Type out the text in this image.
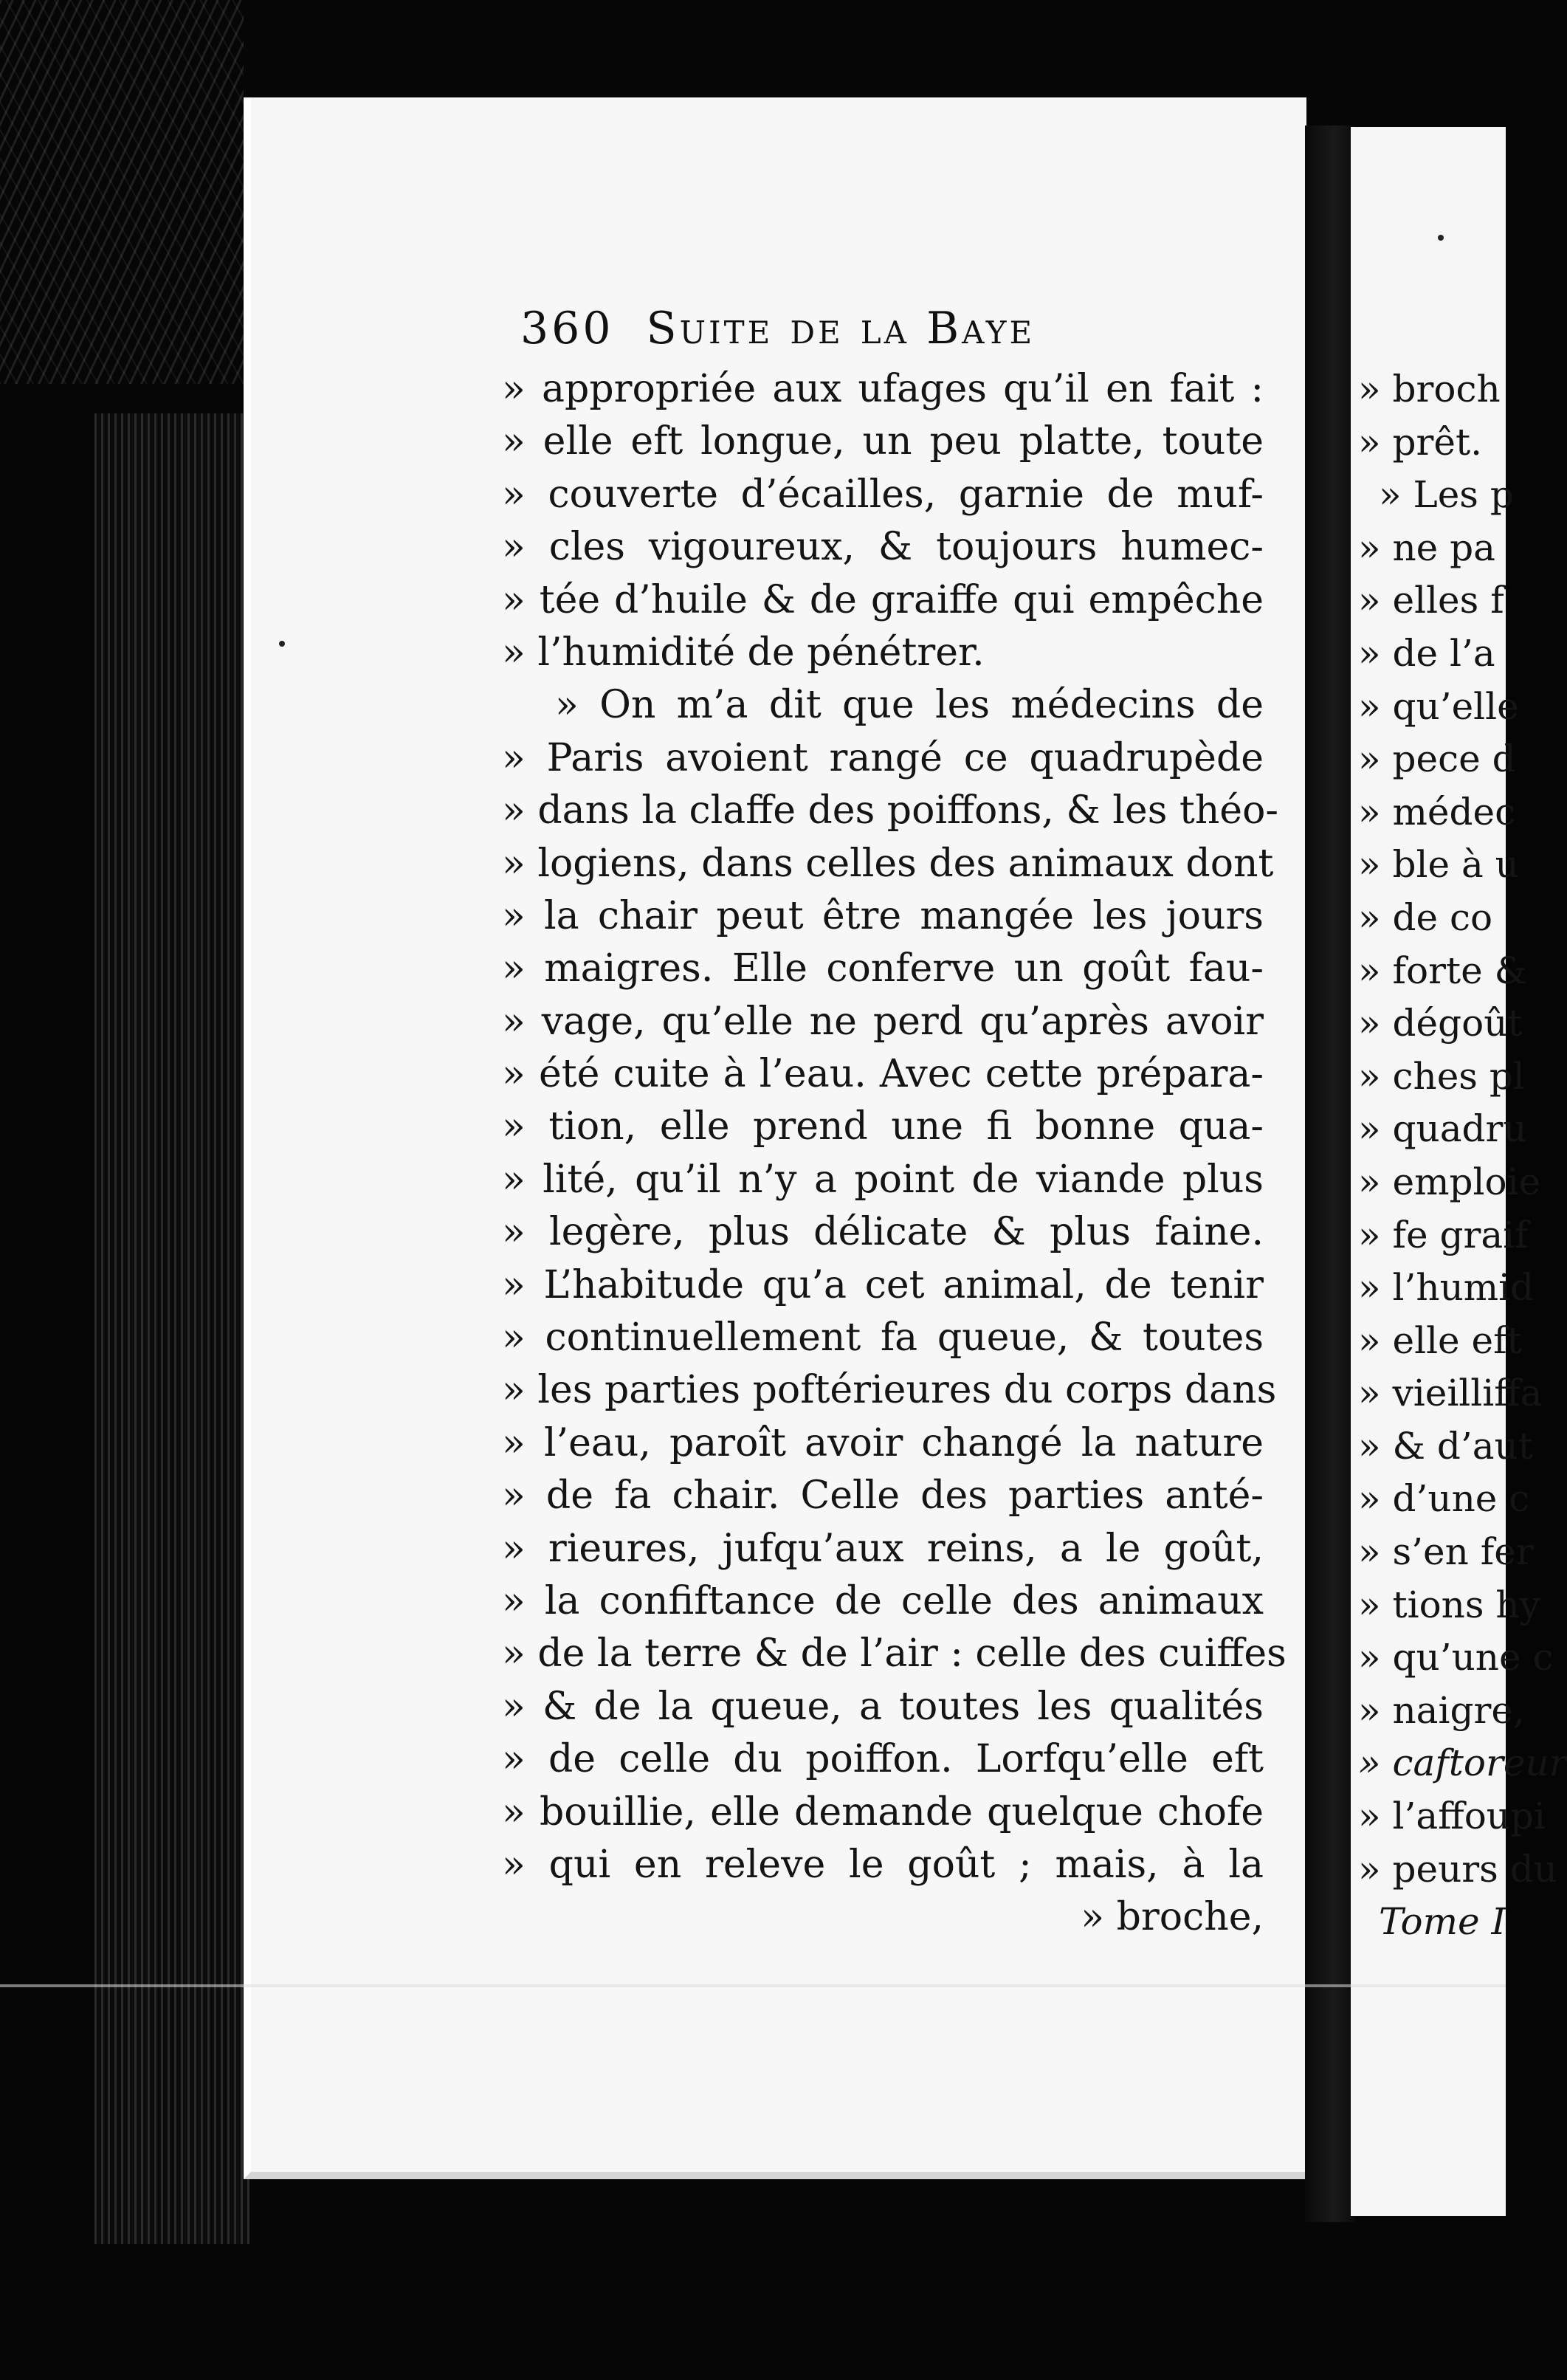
360 Suite de la Baye
» appropriée aux ufages qu’il en fait :
» elle eft longue, un peu platte, toute
» couverte d’écailles, garnie de muf-
» cles vigoureux, & toujours humec-
» tée d’huile & de graiffe qui empêche
» l’humidité de pénétrer.
» On m’a dit que les médecins de
» Paris avoient rangé ce quadrupède
» dans la claffe des poiffons, & les théo-
» logiens, dans celles des animaux dont
» la chair peut être mangée les jours
» maigres. Elle conferve un goût fau-
» vage, qu’elle ne perd qu’après avoir
» été cuite à l’eau. Avec cette prépara-
» tion, elle prend une fi bonne qua-
» lité, qu’il n’y a point de viande plus
» legère, plus délicate & plus faine.
» L’habitude qu’a cet animal, de tenir
» continuellement fa queue, & toutes
» les parties poftérieures du corps dans
» l’eau, paroît avoir changé la nature
» de fa chair. Celle des parties anté-
» rieures, jufqu’aux reins, a le goût,
» la confiftance de celle des animaux
» de la terre & de l’air : celle des cuiffes
» & de la queue, a toutes les qualités
» de celle du poiffon. Lorfqu’elle eft
» bouillie, elle demande quelque chofe
» qui en releve le goût ; mais, à la
» broche,
» broch
» prêt.
» Les p
» ne pa
» elles f
» de l’a
» qu’elle
» pece d
» médec
» ble à u
» de co
» forte &
» dégoût
» ches pl
» quadru
» emploie
» fe graif
» l’humid
» elle eft
» vieilliffa
» & d’aut
» d’une c
» s’en fer
» tions hy
» qu’une c
» naigre,
» caftoreur
» l’affoupi
» peurs du
Tome I
